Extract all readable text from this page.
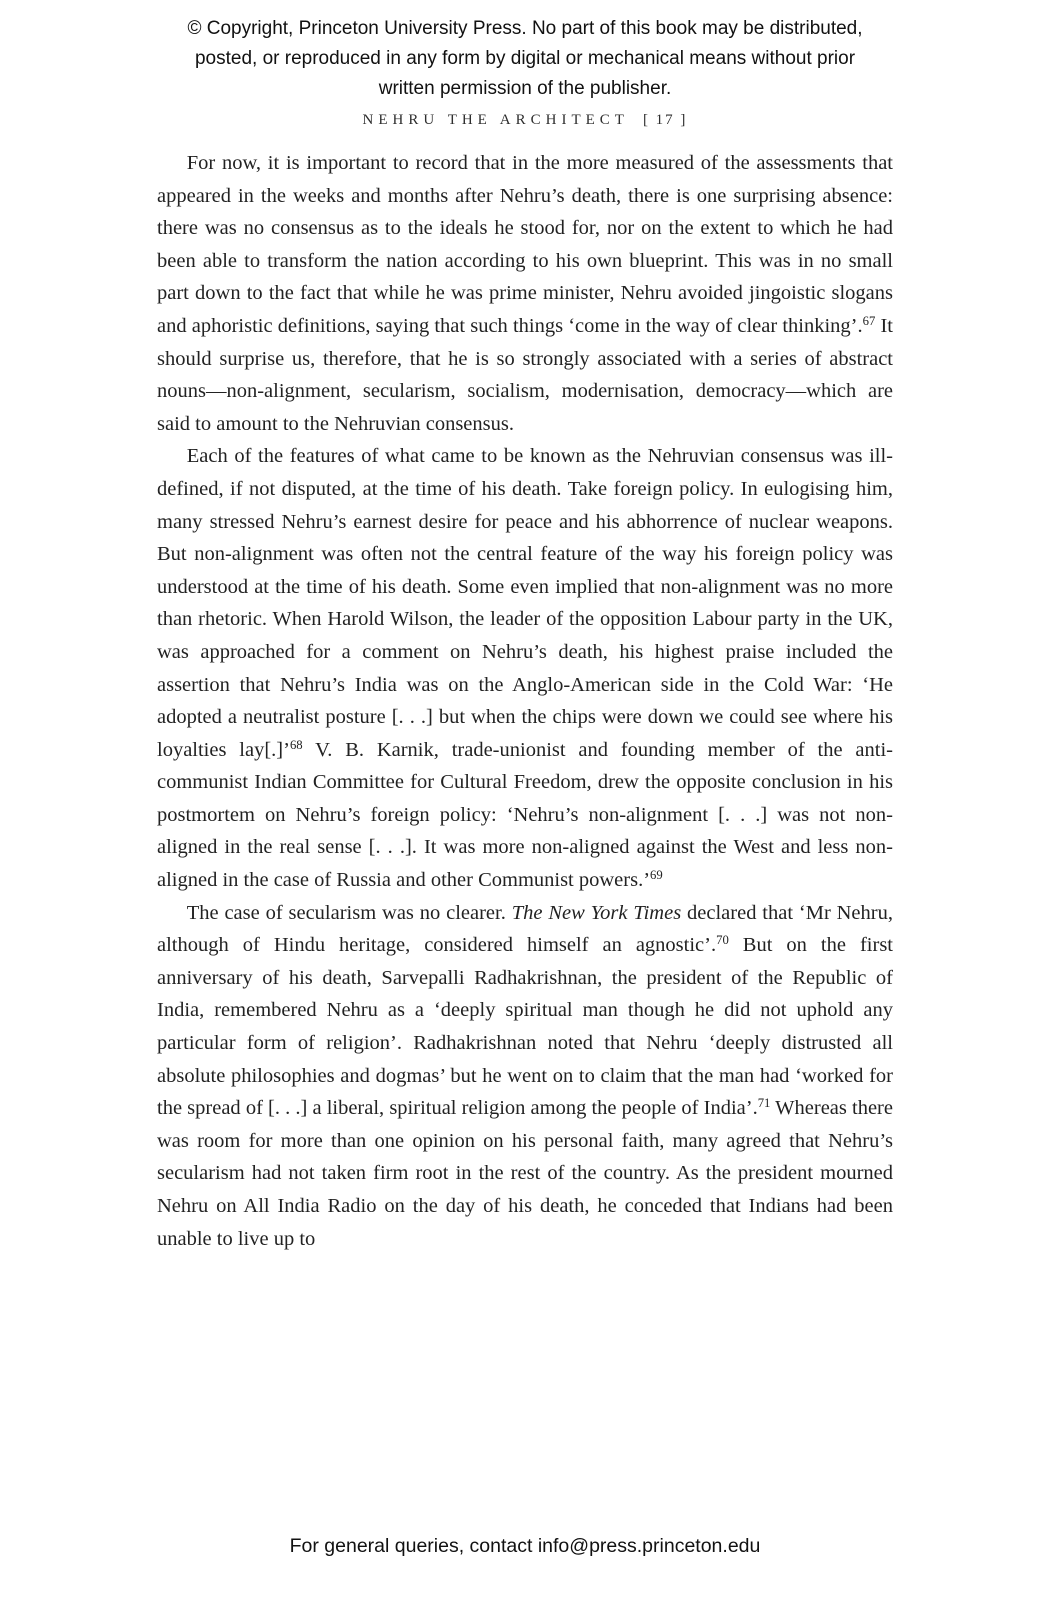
© Copyright, Princeton University Press. No part of this book may be distributed, posted, or reproduced in any form by digital or mechanical means without prior written permission of the publisher.
NEHRU THE ARCHITECT [ 17 ]

For now, it is important to record that in the more measured of the assessments that appeared in the weeks and months after Nehru’s death, there is one surprising absence: there was no consensus as to the ideals he stood for, nor on the extent to which he had been able to transform the nation according to his own blueprint. This was in no small part down to the fact that while he was prime minister, Nehru avoided jingoistic slogans and aphoristic definitions, saying that such things ‘come in the way of clear thinking’.$^{67}$ It should surprise us, therefore, that he is so strongly associated with a series of abstract nouns—non-alignment, secularism, socialism, modernisation, democracy—which are said to amount to the Nehruvian consensus.

Each of the features of what came to be known as the Nehruvian consensus was ill-defined, if not disputed, at the time of his death. Take foreign policy. In eulogising him, many stressed Nehru’s earnest desire for peace and his abhorrence of nuclear weapons. But non-alignment was often not the central feature of the way his foreign policy was understood at the time of his death. Some even implied that non-alignment was no more than rhetoric. When Harold Wilson, the leader of the opposition Labour party in the UK, was approached for a comment on Nehru’s death, his highest praise included the assertion that Nehru’s India was on the Anglo-American side in the Cold War: ‘He adopted a neutralist posture [. . .] but when the chips were down we could see where his loyalties lay[.]’$^{68}$ V. B. Karnik, trade-unionist and founding member of the anti-communist Indian Committee for Cultural Freedom, drew the opposite conclusion in his postmortem on Nehru’s foreign policy: ‘Nehru’s non-alignment [. . .] was not non-aligned in the real sense [. . .]. It was more non-aligned against the West and less non-aligned in the case of Russia and other Communist powers.’$^{69}$

The case of secularism was no clearer. The New York Times declared that ‘Mr Nehru, although of Hindu heritage, considered himself an agnostic’.$^{70}$ But on the first anniversary of his death, Sarvepalli Radhakrishnan, the president of the Republic of India, remembered Nehru as a ‘deeply spiritual man though he did not uphold any particular form of religion’. Radhakrishnan noted that Nehru ‘deeply distrusted all absolute philosophies and dogmas’ but he went on to claim that the man had ‘worked for the spread of [. . .] a liberal, spiritual religion among the people of India’.$^{71}$ Whereas there was room for more than one opinion on his personal faith, many agreed that Nehru’s secularism had not taken firm root in the rest of the country. As the president mourned Nehru on All India Radio on the day of his death, he conceded that Indians had been unable to live up to

For general queries, contact info@press.princeton.edu
